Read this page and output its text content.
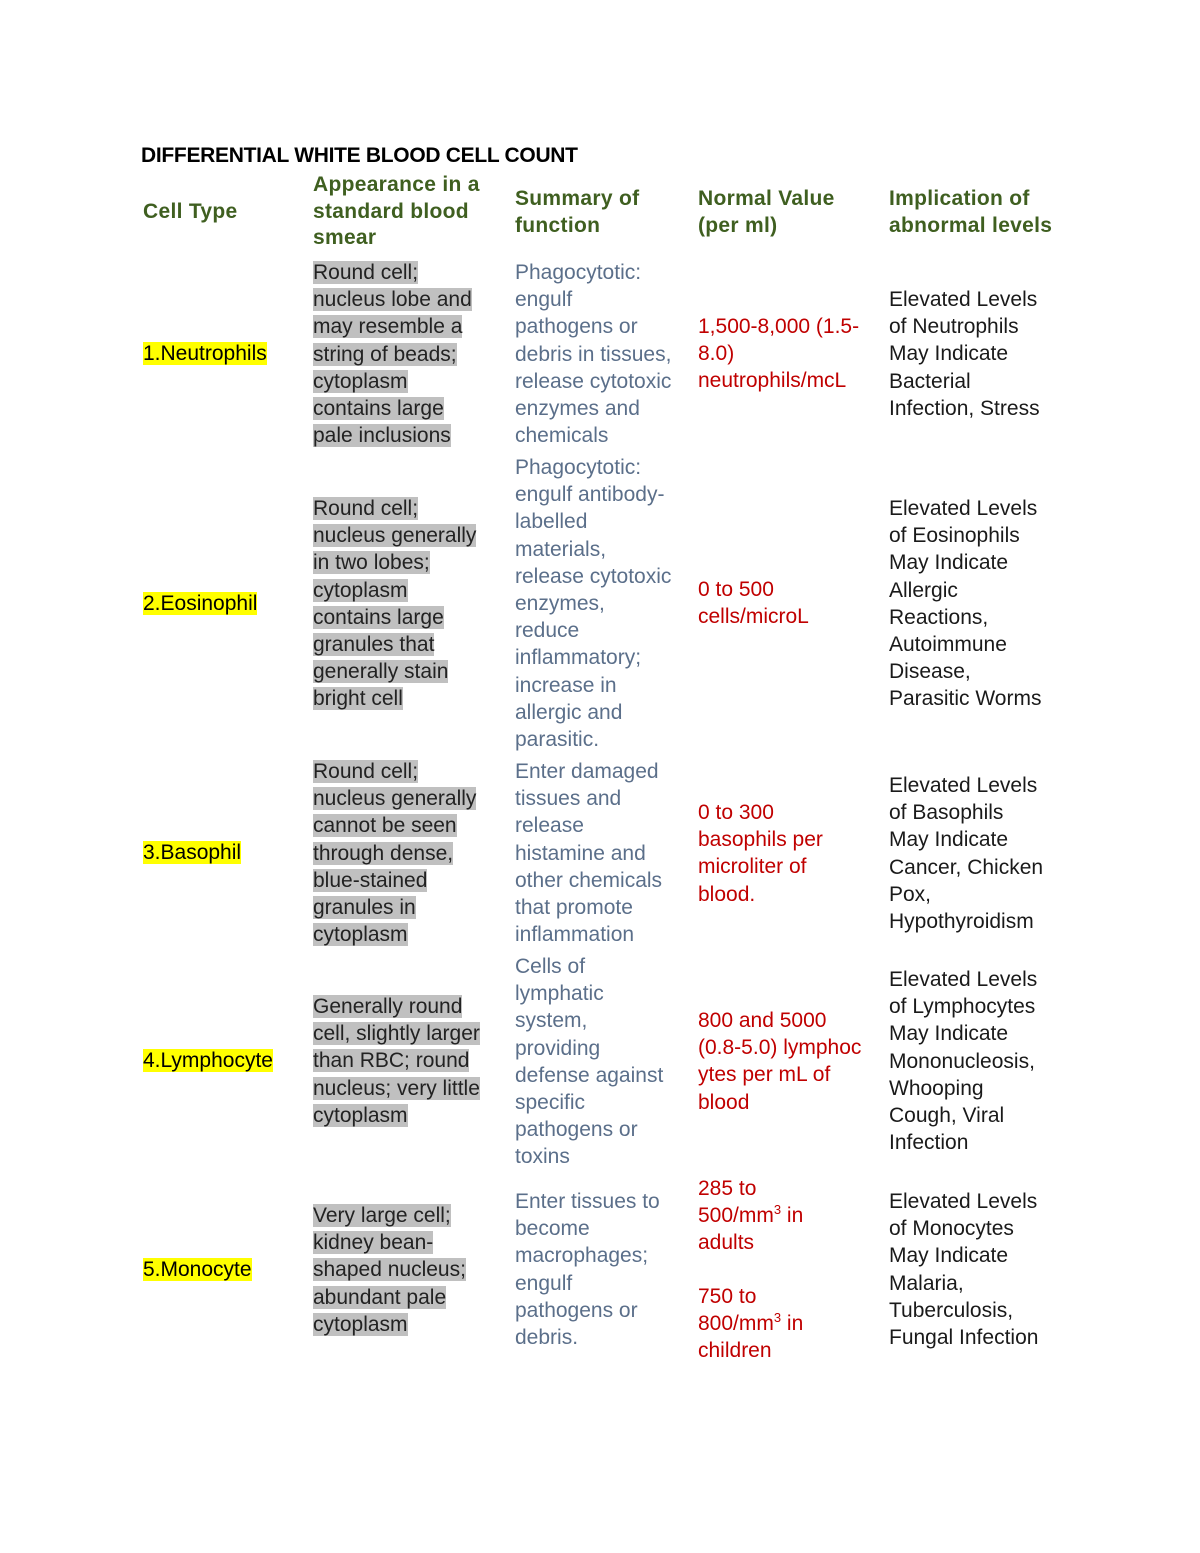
DIFFERENTIAL WHITE BLOOD CELL COUNT
Cell Type
Appearance in a
standard blood
smear
Summary of
function
Normal Value
(per ml)
Implication of
abnormal levels
1.Neutrophils
Round cell;
nucleus lobe and
may resemble a
string of beads;
cytoplasm
contains large
pale inclusions
Phagocytotic:
engulf
pathogens or
debris in tissues,
release cytotoxic
enzymes and
chemicals
1,500-8,000 (1.5-
8.0)
neutrophils/mcL
Elevated Levels
of Neutrophils
May Indicate
Bacterial
Infection, Stress
2.Eosinophil
Round cell;
nucleus generally
in two lobes;
cytoplasm
contains large
granules that
generally stain
bright cell
Phagocytotic:
engulf antibody-
labelled
materials,
release cytotoxic
enzymes,
reduce
inflammatory;
increase in
allergic and
parasitic.
0 to 500
cells/microL
Elevated Levels
of Eosinophils
May Indicate
Allergic
Reactions,
Autoimmune
Disease,
Parasitic Worms
3.Basophil
Round cell;
nucleus generally
cannot be seen
through dense,
blue-stained
granules in
cytoplasm
Enter damaged
tissues and
release
histamine and
other chemicals
that promote
inflammation
0 to 300
basophils per
microliter of
blood.
Elevated Levels
of Basophils
May Indicate
Cancer, Chicken
Pox,
Hypothyroidism
4.Lymphocyte
Generally round
cell, slightly larger
than RBC; round
nucleus; very little
cytoplasm
Cells of
lymphatic
system,
providing
defense against
specific
pathogens or
toxins
800 and 5000
(0.8-5.0) lymphoc
ytes per mL of
blood
Elevated Levels
of Lymphocytes
May Indicate
Mononucleosis,
Whooping
Cough, Viral
Infection
5.Monocyte
Very large cell;
kidney bean-
shaped nucleus;
abundant pale
cytoplasm
Enter tissues to
become
macrophages;
engulf
pathogens or
debris.
285 to
$500/mm^3$ in
adults
750 to
$800/mm^3$ in
children
Elevated Levels
of Monocytes
May Indicate
Malaria,
Tuberculosis,
Fungal Infection
